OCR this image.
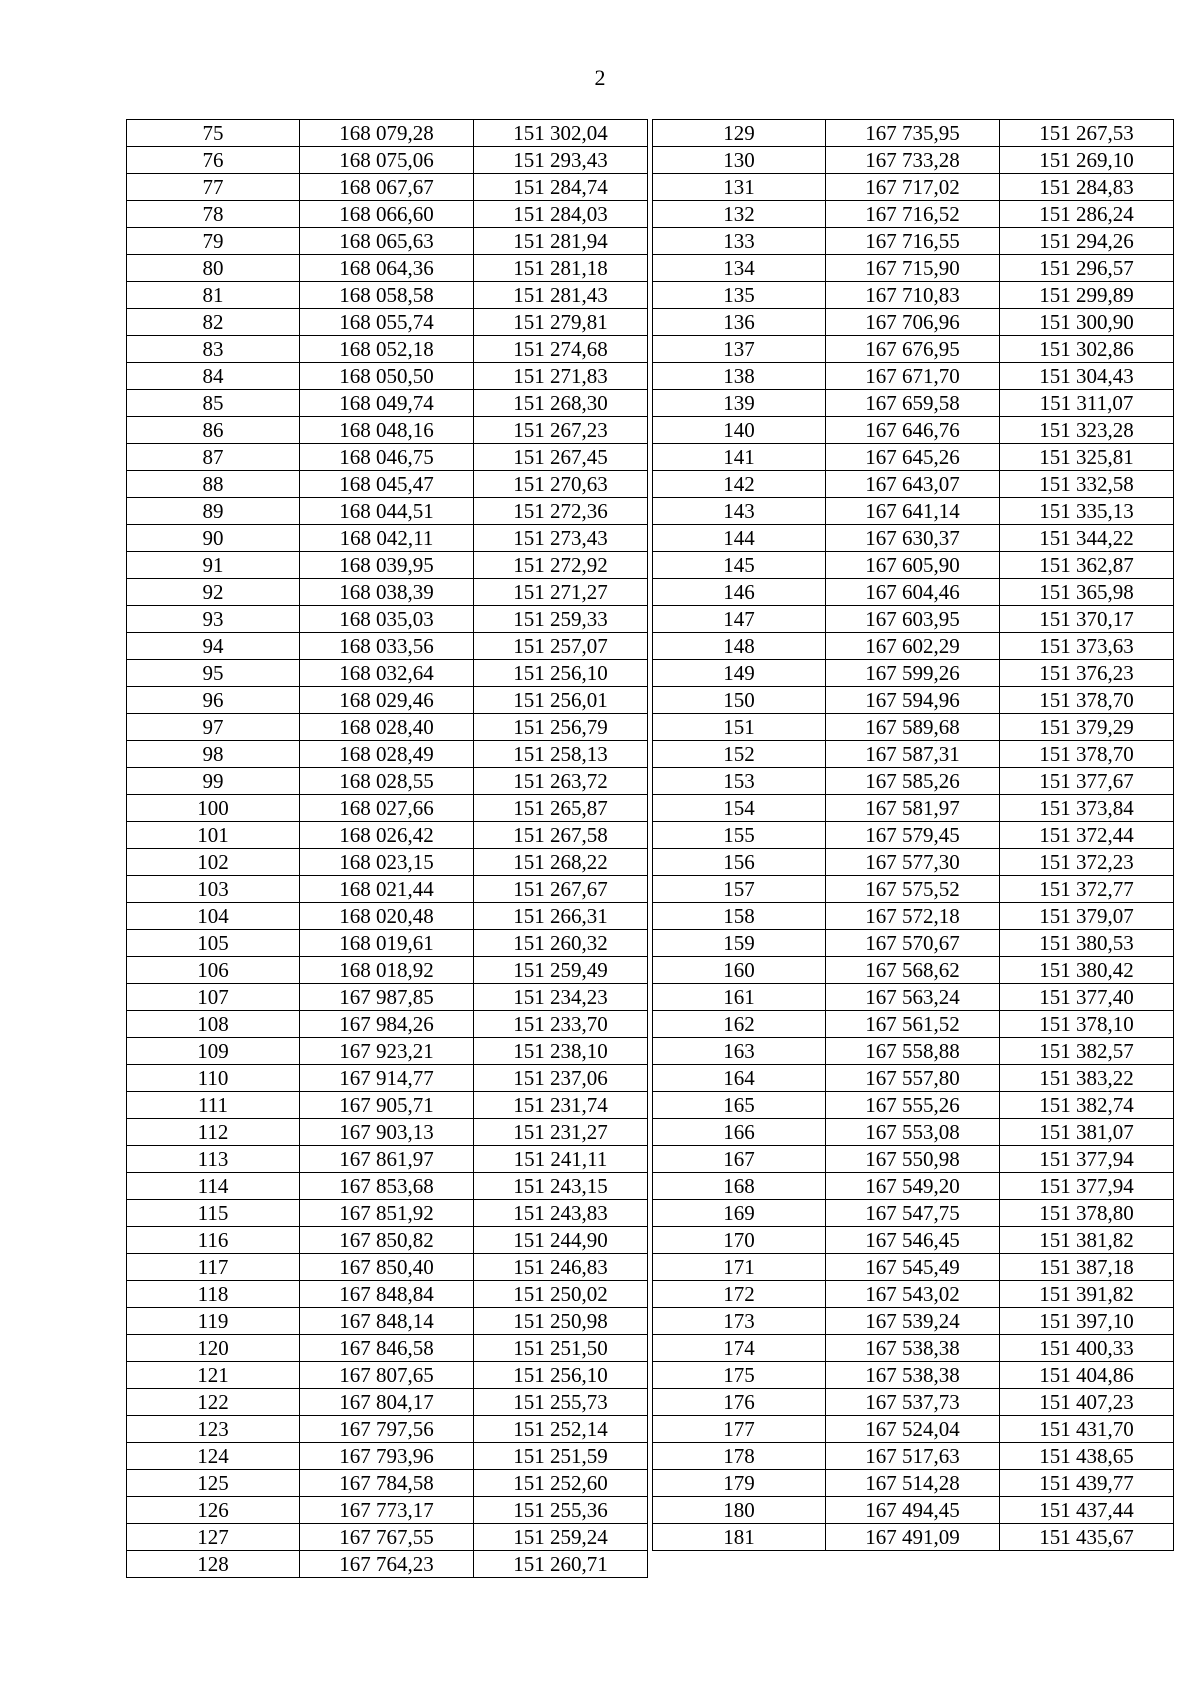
2
75	168 079,28	151 302,04
76	168 075,06	151 293,43
77	168 067,67	151 284,74
78	168 066,60	151 284,03
79	168 065,63	151 281,94
80	168 064,36	151 281,18
81	168 058,58	151 281,43
82	168 055,74	151 279,81
83	168 052,18	151 274,68
84	168 050,50	151 271,83
85	168 049,74	151 268,30
86	168 048,16	151 267,23
87	168 046,75	151 267,45
88	168 045,47	151 270,63
89	168 044,51	151 272,36
90	168 042,11	151 273,43
91	168 039,95	151 272,92
92	168 038,39	151 271,27
93	168 035,03	151 259,33
94	168 033,56	151 257,07
95	168 032,64	151 256,10
96	168 029,46	151 256,01
97	168 028,40	151 256,79
98	168 028,49	151 258,13
99	168 028,55	151 263,72
100	168 027,66	151 265,87
101	168 026,42	151 267,58
102	168 023,15	151 268,22
103	168 021,44	151 267,67
104	168 020,48	151 266,31
105	168 019,61	151 260,32
106	168 018,92	151 259,49
107	167 987,85	151 234,23
108	167 984,26	151 233,70
109	167 923,21	151 238,10
110	167 914,77	151 237,06
111	167 905,71	151 231,74
112	167 903,13	151 231,27
113	167 861,97	151 241,11
114	167 853,68	151 243,15
115	167 851,92	151 243,83
116	167 850,82	151 244,90
117	167 850,40	151 246,83
118	167 848,84	151 250,02
119	167 848,14	151 250,98
120	167 846,58	151 251,50
121	167 807,65	151 256,10
122	167 804,17	151 255,73
123	167 797,56	151 252,14
124	167 793,96	151 251,59
125	167 784,58	151 252,60
126	167 773,17	151 255,36
127	167 767,55	151 259,24
128	167 764,23	151 260,71
129	167 735,95	151 267,53
130	167 733,28	151 269,10
131	167 717,02	151 284,83
132	167 716,52	151 286,24
133	167 716,55	151 294,26
134	167 715,90	151 296,57
135	167 710,83	151 299,89
136	167 706,96	151 300,90
137	167 676,95	151 302,86
138	167 671,70	151 304,43
139	167 659,58	151 311,07
140	167 646,76	151 323,28
141	167 645,26	151 325,81
142	167 643,07	151 332,58
143	167 641,14	151 335,13
144	167 630,37	151 344,22
145	167 605,90	151 362,87
146	167 604,46	151 365,98
147	167 603,95	151 370,17
148	167 602,29	151 373,63
149	167 599,26	151 376,23
150	167 594,96	151 378,70
151	167 589,68	151 379,29
152	167 587,31	151 378,70
153	167 585,26	151 377,67
154	167 581,97	151 373,84
155	167 579,45	151 372,44
156	167 577,30	151 372,23
157	167 575,52	151 372,77
158	167 572,18	151 379,07
159	167 570,67	151 380,53
160	167 568,62	151 380,42
161	167 563,24	151 377,40
162	167 561,52	151 378,10
163	167 558,88	151 382,57
164	167 557,80	151 383,22
165	167 555,26	151 382,74
166	167 553,08	151 381,07
167	167 550,98	151 377,94
168	167 549,20	151 377,94
169	167 547,75	151 378,80
170	167 546,45	151 381,82
171	167 545,49	151 387,18
172	167 543,02	151 391,82
173	167 539,24	151 397,10
174	167 538,38	151 400,33
175	167 538,38	151 404,86
176	167 537,73	151 407,23
177	167 524,04	151 431,70
178	167 517,63	151 438,65
179	167 514,28	151 439,77
180	167 494,45	151 437,44
181	167 491,09	151 435,67
